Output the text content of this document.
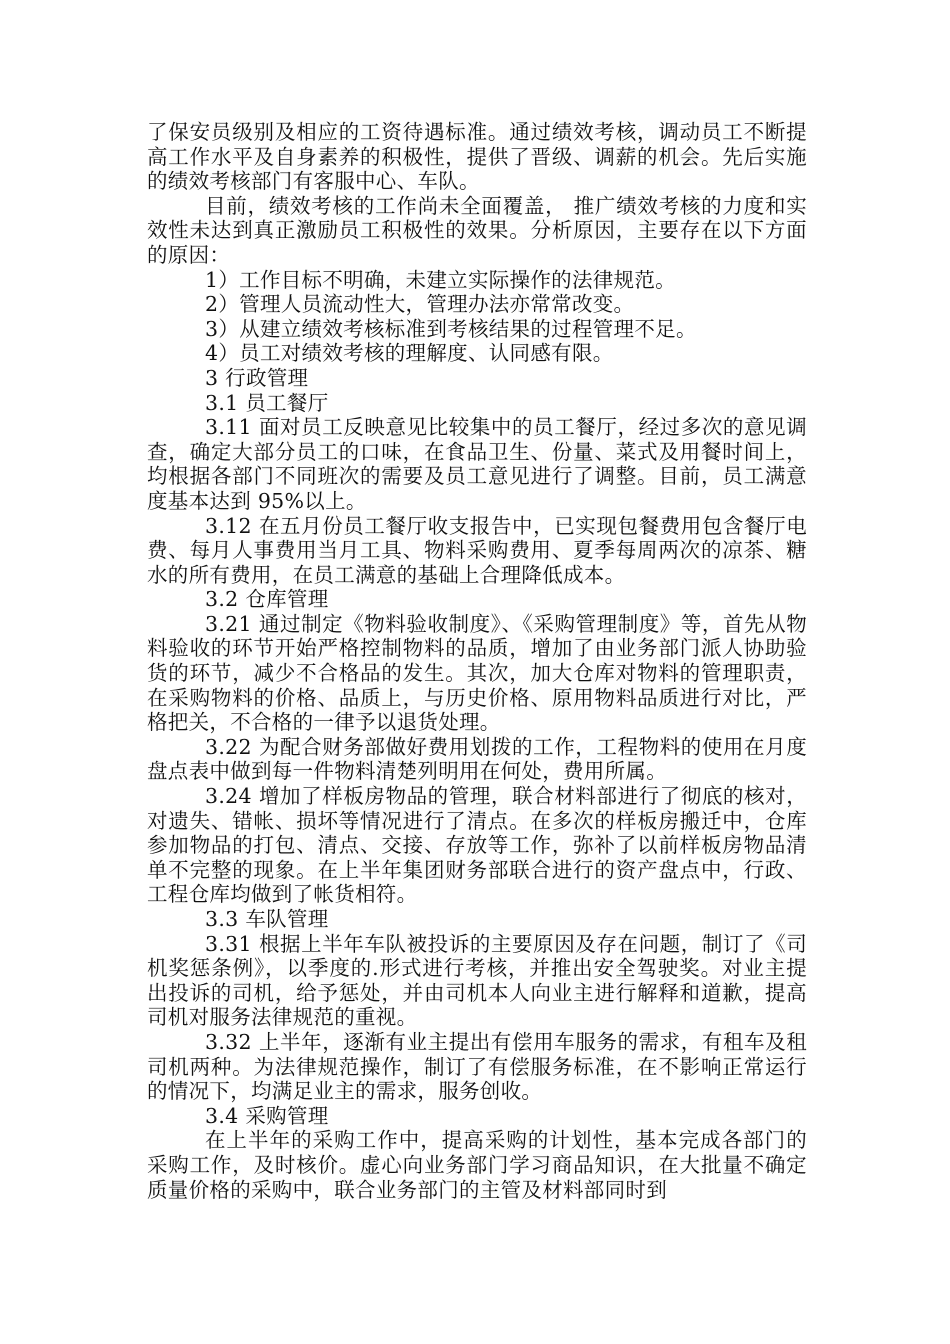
了保安员级别及相应的工资待遇标准。通过绩效考核，调动员工不断提高工作水平及自身素养的积极性，提供了晋级、调薪的机会。先后实施的绩效考核部门有客服中心、车队。

目前，绩效考核的工作尚未全面覆盖， 推广绩效考核的力度和实效性未达到真正激励员工积极性的效果。分析原因，主要存在以下方面的原因：

1）工作目标不明确，未建立实际操作的法律规范。

2）管理人员流动性大，管理办法亦常常改变。

3）从建立绩效考核标准到考核结果的过程管理不足。

4）员工对绩效考核的理解度、认同感有限。

3 行政管理

3.1 员工餐厅

3.11 面对员工反映意见比较集中的员工餐厅，经过多次的意见调查，确定大部分员工的口味，在食品卫生、份量、菜式及用餐时间上，均根据各部门不同班次的需要及员工意见进行了调整。目前，员工满意度基本达到 95%以上。

3.12 在五月份员工餐厅收支报告中，已实现包餐费用包含餐厅电费、每月人事费用当月工具、物料采购费用、夏季每周两次的凉茶、糖水的所有费用，在员工满意的基础上合理降低成本。

3.2 仓库管理

3.21 通过制定《物料验收制度》、《采购管理制度》等，首先从物料验收的环节开始严格控制物料的品质，增加了由业务部门派人协助验货的环节，减少不合格品的发生。其次，加大仓库对物料的管理职责，在采购物料的价格、品质上，与历史价格、原用物料品质进行对比，严格把关，不合格的一律予以退货处理。

3.22 为配合财务部做好费用划拨的工作，工程物料的使用在月度盘点表中做到每一件物料清楚列明用在何处，费用所属。

3.24 增加了样板房物品的管理，联合材料部进行了彻底的核对，对遗失、错帐、损坏等情况进行了清点。在多次的样板房搬迁中，仓库参加物品的打包、清点、交接、存放等工作，弥补了以前样板房物品清单不完整的现象。在上半年集团财务部联合进行的资产盘点中，行政、工程仓库均做到了帐货相符。

3.3 车队管理

3.31 根据上半年车队被投诉的主要原因及存在问题，制订了《司机奖惩条例》，以季度的.形式进行考核，并推出安全驾驶奖。对业主提出投诉的司机，给予惩处，并由司机本人向业主进行解释和道歉，提高司机对服务法律规范的重视。

3.32 上半年，逐渐有业主提出有偿用车服务的需求，有租车及租司机两种。为法律规范操作，制订了有偿服务标准，在不影响正常运行的情况下，均满足业主的需求，服务创收。

3.4 采购管理

在上半年的采购工作中，提高采购的计划性，基本完成各部门的采购工作，及时核价。虚心向业务部门学习商品知识，在大批量不确定质量价格的采购中，联合业务部门的主管及材料部同时到
